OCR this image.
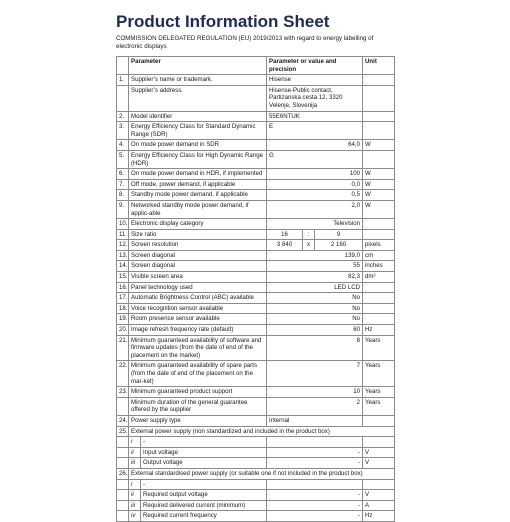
Product Information Sheet
COMMISSION DELEGATED REGULATION (EU) 2019/2013 with regard to energy labelling of electronic displays
	Parameter		Parameter or value and precision			Unit
1.	Supplier’s name or trademark.		Hisense			
	Supplier’s address.		Hisense-Public contact, Partizanska cesta 12, 3320 Velenje, Slovenija			
2.	Model identifier		55E6NTUK			
3.	Energy Efficiency Class for Standard Dynamic Range (SDR)		E			
4.	On mode power demand in SDR		64,0			W
5.	Energy Efficiency Class for High Dynamic Range (HDR)		G			
6.	On mode power demand in HDR, if implemented		100			W
7.	Off mode, power demand, if applicable		0,0			W
8.	Standby mode power demand, if applicable		0,5			W
9.	Networked standby mode power demand, if applic-able		2,0			W
10.	Electronic display category		Television			
11.	Size ratio		16	:	9	
12.	Screen resolution		3 840	x	2 160	pixels
13.	Screen diagonal		139,0			cm
14.	Screen diagonal		55			inches
15.	Visible screen area		82,3			dm²
16.	Panel technology used		LED LCD			
17.	Automatic Brightness Control (ABC) available		No			
18.	Voice recognition sensor available		No			
19.	Room presence sensor available		No			
20.	Image refresh frequency rate (default)		60			Hz
21.	Minimum guaranteed availability of software and firmware updates (from the date of end of the placement on the market)		8			Years
22.	Minimum guaranteed availability of spare parts (from the date of end of the placement on the mar-ket)		7			Years
23.	Minimum guaranteed product support		10			Years
	Minimum duration of the general guarantee offered by the supplier		2			Years
24.	Power supply type		Internal			
25.	External power supply (non standardized and included in the product box)					
	i	-				
	ii	Input voltage	-			V
	iii	Output voltage	-			V
26.	External standardised power supply (or suitable one if not included in the product box)					
	i	-				
	ii	Required output voltage	-			V
	iii	Required delivered current (minimum)	-			A
	iv	Required current frequency	-			Hz
